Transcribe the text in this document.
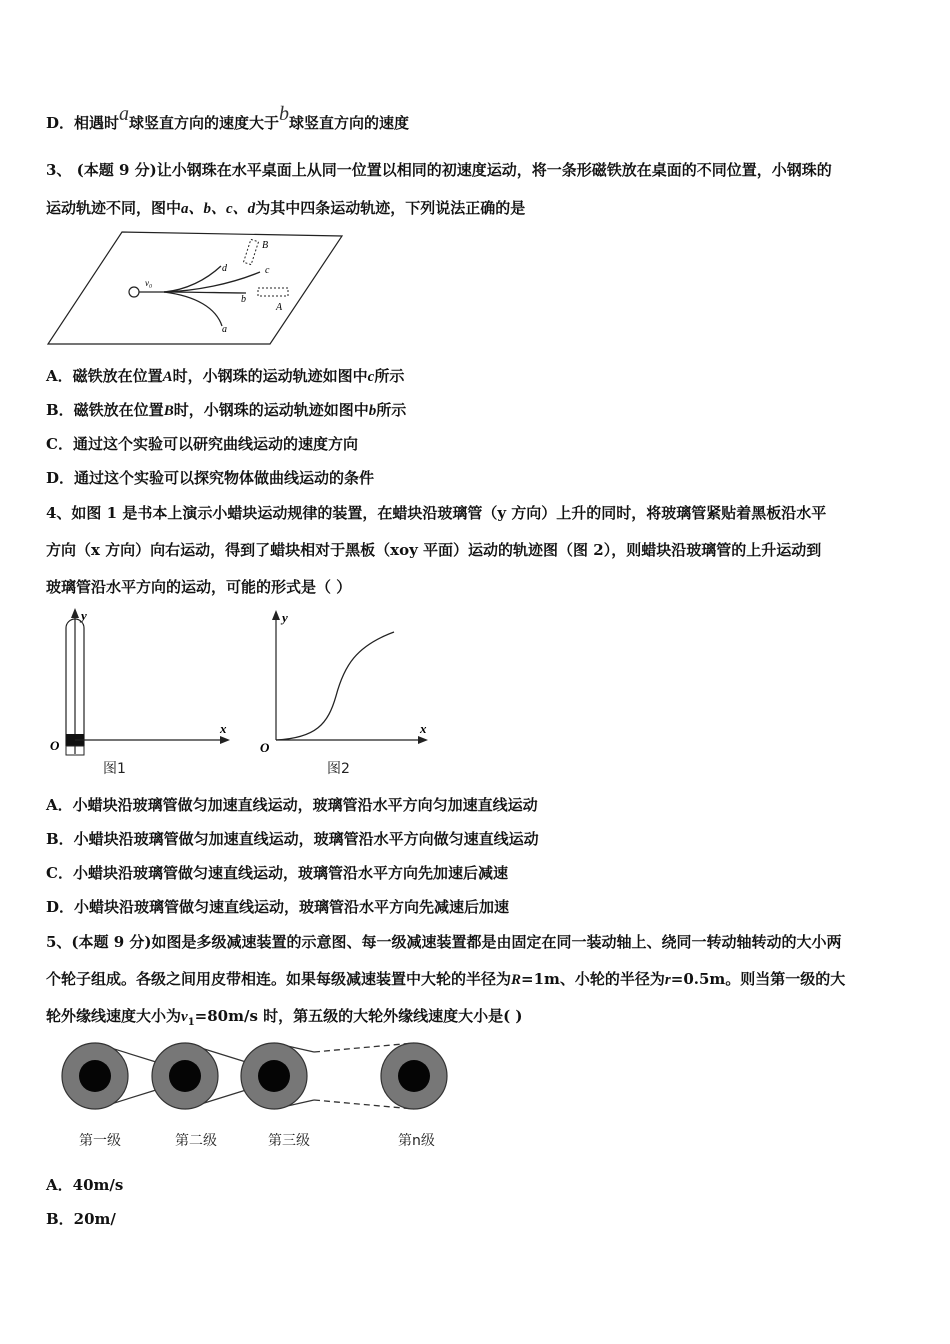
D．相遇时a球竖直方向的速度大于b球竖直方向的速度
3、 (本题 9 分)让小钢珠在水平桌面上从同一位置以相同的初速度运动，将一条形磁铁放在桌面的不同位置，小钢珠的
运动轨迹不同，图中a、b、c、d为其中四条运动轨迹，下列说法正确的是
v₀
a
b
c
d
A
B
A．磁铁放在位置A时，小钢珠的运动轨迹如图中c所示
B．磁铁放在位置B时，小钢珠的运动轨迹如图中b所示
C．通过这个实验可以研究曲线运动的速度方向
D．通过这个实验可以探究物体做曲线运动的条件
4、如图 1 是书本上演示小蜡块运动规律的装置，在蜡块沿玻璃管（y 方向）上升的同时，将玻璃管紧贴着黑板沿水平
方向（x 方向）向右运动，得到了蜡块相对于黑板（xoy 平面）运动的轨迹图（图 2），则蜡块沿玻璃管的上升运动到
玻璃管沿水平方向的运动，可能的形式是（ ）
y
x
O
图1
y
x
O
图2
A．小蜡块沿玻璃管做匀加速直线运动，玻璃管沿水平方向匀加速直线运动
B．小蜡块沿玻璃管做匀加速直线运动，玻璃管沿水平方向做匀速直线运动
C．小蜡块沿玻璃管做匀速直线运动，玻璃管沿水平方向先加速后减速
D．小蜡块沿玻璃管做匀速直线运动，玻璃管沿水平方向先减速后加速
5、(本题 9 分)如图是多级减速装置的示意图、每一级减速装置都是由固定在同一装动轴上、绕同一转动轴转动的大小两
个轮子组成。各级之间用皮带相连。如果每级减速装置中大轮的半径为R=1m、小轮的半径为r=0.5m。则当第一级的大
轮外缘线速度大小为$v_1=80m/s$ 时，第五级的大轮外缘线速度大小是( )
第一级	第二级	第三级	第n级
A．40m/s
B．20m/
